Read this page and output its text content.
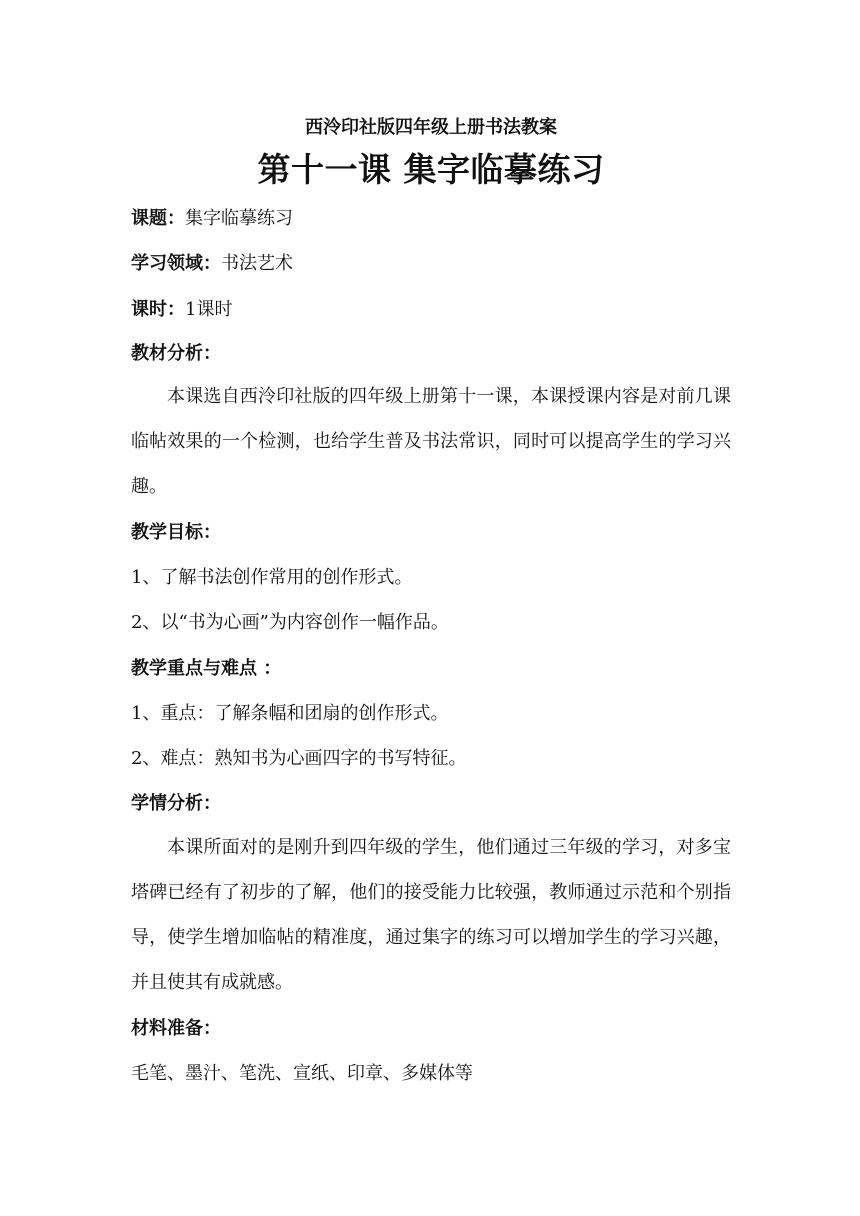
西泠印社版四年级上册书法教案
第十一课 集字临摹练习
课题：集字临摹练习
学习领域：书法艺术
课时：1课时
教材分析：
本课选自西泠印社版的四年级上册第十一课，本课授课内容是对前几课临帖效果的一个检测，也给学生普及书法常识，同时可以提高学生的学习兴趣。
教学目标：
1、了解书法创作常用的创作形式。
2、以“书为心画”为内容创作一幅作品。
教学重点与难点 ：
1、重点：了解条幅和团扇的创作形式。
2、难点：熟知书为心画四字的书写特征。
学情分析：
本课所面对的是刚升到四年级的学生，他们通过三年级的学习，对多宝塔碑已经有了初步的了解，他们的接受能力比较强，教师通过示范和个别指导，使学生增加临帖的精准度，通过集字的练习可以增加学生的学习兴趣，并且使其有成就感。
材料准备：
毛笔、墨汁、笔洗、宣纸、印章、多媒体等
